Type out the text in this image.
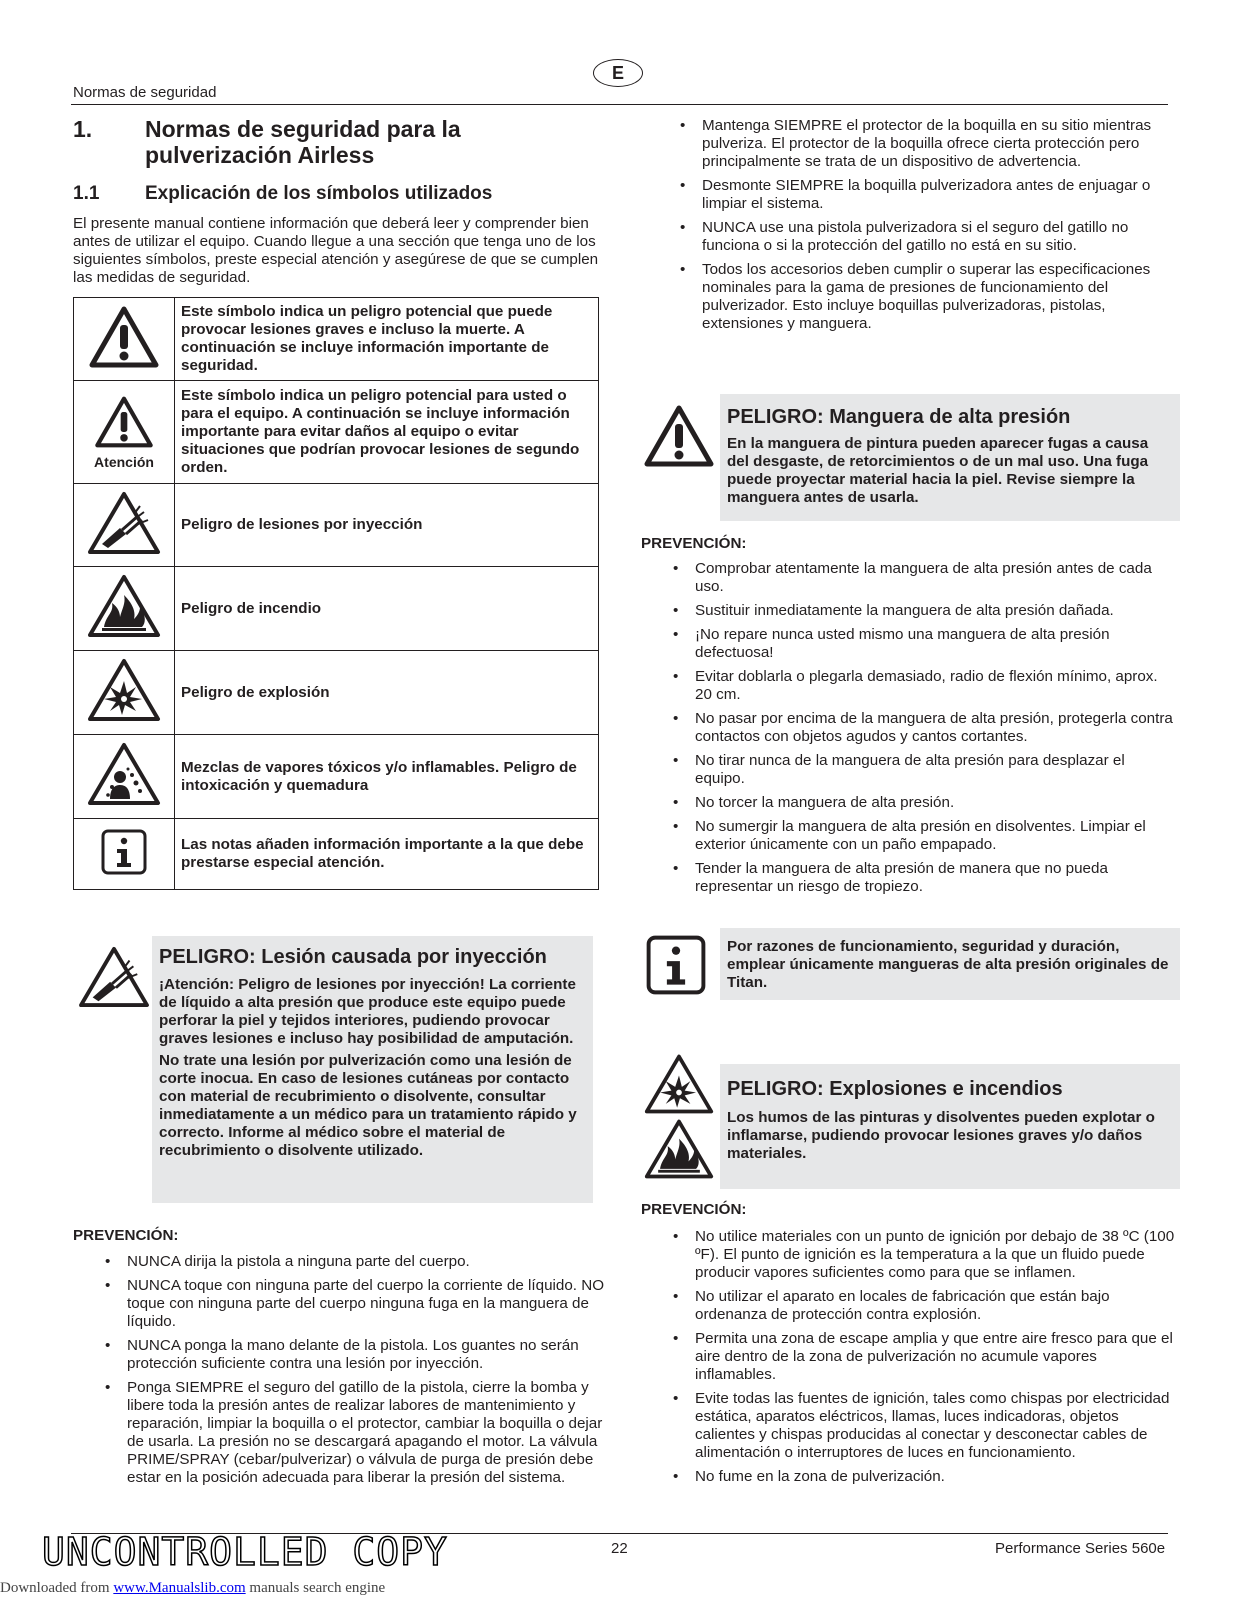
E
Normas de seguridad
1.	Normas de seguridad para la pulverización Airless
1.1	Explicación de los símbolos utilizados

El presente manual contiene información que deberá leer y comprender bien antes de utilizar el equipo. Cuando llegue a una sección que tenga uno de los siguientes símbolos, preste especial atención y asegúrese de que se cumplen las medidas de seguridad.

	Este símbolo indica un peligro potencial que puede provocar lesiones graves e incluso la muerte. A continuación se incluye información importante de seguridad.

Atención	Este símbolo indica un peligro potencial para usted o para el equipo. A continuación se incluye información importante para evitar daños al equipo o evitar situaciones que podrían provocar lesiones de segundo orden.
	Peligro de lesiones por inyección
	Peligro de incendio
	Peligro de explosión
	Mezclas de vapores tóxicos y/o inflamables. Peligro de intoxicación y quemadura
	Las notas añaden información importante a la que debe prestarse especial atención.
PELIGRO: Lesión causada por inyección

¡Atención: Peligro de lesiones por inyección! La corriente de líquido a alta presión que produce este equipo puede perforar la piel y tejidos interiores, pudiendo provocar graves lesiones e incluso hay posibilidad de amputación.

No trate una lesión por pulverización como una lesión de corte inocua. En caso de lesiones cutáneas por contacto con material de recubrimiento o disolvente, consultar inmediatamente a un médico para un tratamiento rápido y correcto. Informe al médico sobre el material de recubrimiento o disolvente utilizado.

PREVENCIÓN:
• NUNCA dirija la pistola a ninguna parte del cuerpo.
• NUNCA toque con ninguna parte del cuerpo la corriente de líquido. NO toque con ninguna parte del cuerpo ninguna fuga en la manguera de líquido.
• NUNCA ponga la mano delante de la pistola. Los guantes no serán protección suficiente contra una lesión por inyección.
• Ponga SIEMPRE el seguro del gatillo de la pistola, cierre la bomba y libere toda la presión antes de realizar labores de mantenimiento y reparación, limpiar la boquilla o el protector, cambiar la boquilla o dejar de usarla. La presión no se descargará apagando el motor. La válvula PRIME/SPRAY (cebar/pulverizar) o válvula de purga de presión debe estar en la posición adecuada para liberar la presión del sistema.
• Mantenga SIEMPRE el protector de la boquilla en su sitio mientras pulveriza. El protector de la boquilla ofrece cierta protección pero principalmente se trata de un dispositivo de advertencia.
• Desmonte SIEMPRE la boquilla pulverizadora antes de enjuagar o limpiar el sistema.
• NUNCA use una pistola pulverizadora si el seguro del gatillo no funciona o si la protección del gatillo no está en su sitio.
• Todos los accesorios deben cumplir o superar las especificaciones nominales para la gama de presiones de funcionamiento del pulverizador. Esto incluye boquillas pulverizadoras, pistolas, extensiones y manguera.
PELIGRO: Manguera de alta presión

En la manguera de pintura pueden aparecer fugas a causa del desgaste, de retorcimientos o de un mal uso. Una fuga puede proyectar material hacia la piel. Revise siempre la manguera antes de usarla.

PREVENCIÓN:
• Comprobar atentamente la manguera de alta presión antes de cada uso.
• Sustituir inmediatamente la manguera de alta presión dañada.
• ¡No repare nunca usted mismo una manguera de alta presión defectuosa!
• Evitar doblarla o plegarla demasiado, radio de flexión mínimo, aprox. 20 cm.
• No pasar por encima de la manguera de alta presión, protegerla contra contactos con objetos agudos y cantos cortantes.
• No tirar nunca de la manguera de alta presión para desplazar el equipo.
• No torcer la manguera de alta presión.
• No sumergir la manguera de alta presión en disolventes. Limpiar el exterior únicamente con un paño empapado.
• Tender la manguera de alta presión de manera que no pueda representar un riesgo de tropiezo.

Por razones de funcionamiento, seguridad y duración, emplear únicamente mangueras de alta presión originales de Titan.

PELIGRO: Explosiones e incendios

Los humos de las pinturas y disolventes pueden explotar o inflamarse, pudiendo provocar lesiones graves y/o daños materiales.

PREVENCIÓN:
• No utilice materiales con un punto de ignición por debajo de 38 ºC (100 ºF). El punto de ignición es la temperatura a la que un fluido puede producir vapores suficientes como para que se inflamen.
• No utilizar el aparato en locales de fabricación que están bajo ordenanza de protección contra explosión.
• Permita una zona de escape amplia y que entre aire fresco para que el aire dentro de la zona de pulverización no acumule vapores inflamables.
• Evite todas las fuentes de ignición, tales como chispas por electricidad estática, aparatos eléctricos, llamas, luces indicadoras, objetos calientes y chispas producidas al conectar y desconectar cables de alimentación o interruptores de luces en funcionamiento.
• No fume en la zona de pulverización.
UNCONTROLLED COPY	22	Performance Series 560e
Downloaded from www.Manualslib.com manuals search engine
